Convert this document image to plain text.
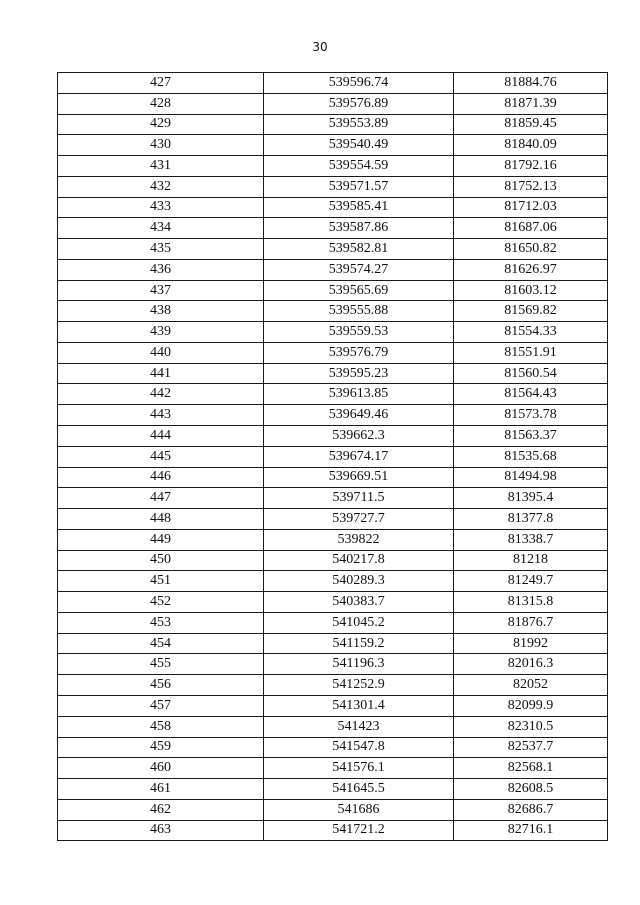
30
427	539596.74	81884.76
428	539576.89	81871.39
429	539553.89	81859.45
430	539540.49	81840.09
431	539554.59	81792.16
432	539571.57	81752.13
433	539585.41	81712.03
434	539587.86	81687.06
435	539582.81	81650.82
436	539574.27	81626.97
437	539565.69	81603.12
438	539555.88	81569.82
439	539559.53	81554.33
440	539576.79	81551.91
441	539595.23	81560.54
442	539613.85	81564.43
443	539649.46	81573.78
444	539662.3	81563.37
445	539674.17	81535.68
446	539669.51	81494.98
447	539711.5	81395.4
448	539727.7	81377.8
449	539822	81338.7
450	540217.8	81218
451	540289.3	81249.7
452	540383.7	81315.8
453	541045.2	81876.7
454	541159.2	81992
455	541196.3	82016.3
456	541252.9	82052
457	541301.4	82099.9
458	541423	82310.5
459	541547.8	82537.7
460	541576.1	82568.1
461	541645.5	82608.5
462	541686	82686.7
463	541721.2	82716.1
